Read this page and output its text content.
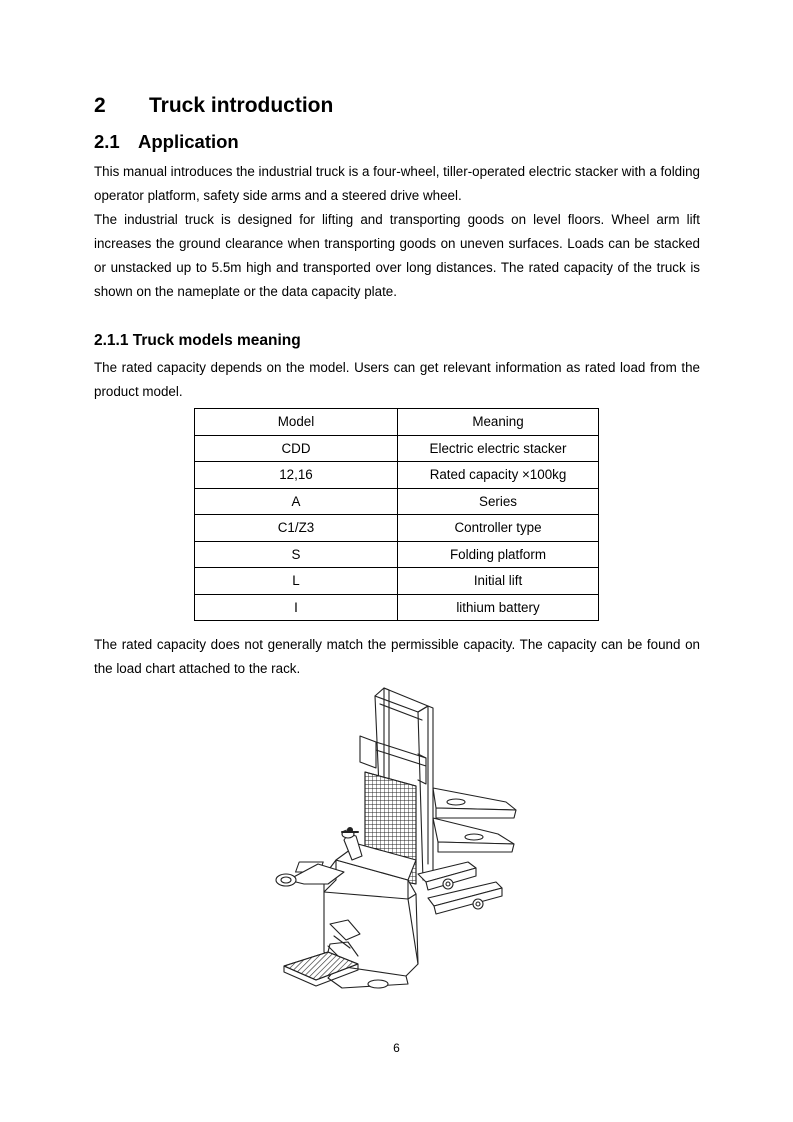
2 Truck introduction
2.1 Application

This manual introduces the industrial truck is a four-wheel, tiller-operated electric stacker with a folding operator platform, safety side arms and a steered drive wheel.

The industrial truck is designed for lifting and transporting goods on level floors. Wheel arm lift increases the ground clearance when transporting goods on uneven surfaces. Loads can be stacked or unstacked up to 5.5m high and transported over long distances. The rated capacity of the truck is shown on the nameplate or the data capacity plate.

2.1.1 Truck models meaning

The rated capacity depends on the model. Users can get relevant information as rated load from the product model.

Model	Meaning
CDD	Electric electric stacker
12,16	Rated capacity ×100kg
A	Series
C1/Z3	Controller type
S	Folding platform
L	Initial lift
I	lithium battery

The rated capacity does not generally match the permissible capacity. The capacity can be found on the load chart attached to the rack.

6
